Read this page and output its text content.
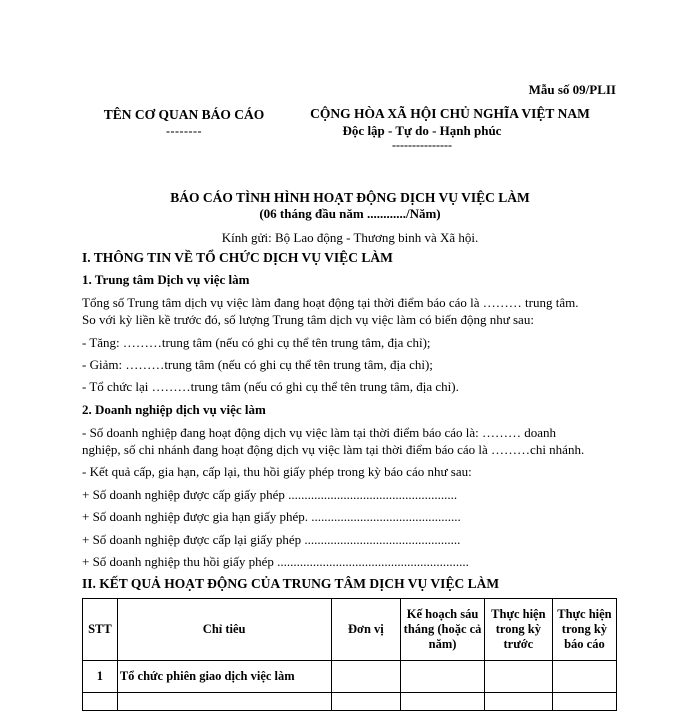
Mẫu số 09/PLII
TÊN CƠ QUAN BÁO CÁO
--------
CỘNG HÒA XÃ HỘI CHỦ NGHĨA VIỆT NAM
Độc lập - Tự do - Hạnh phúc
---------------
BÁO CÁO TÌNH HÌNH HOẠT ĐỘNG DỊCH VỤ VIỆC LÀM
(06 tháng đầu năm ............/Năm)
Kính gửi: Bộ Lao động - Thương binh và Xã hội.
I. THÔNG TIN VỀ TỔ CHỨC DỊCH VỤ VIỆC LÀM
1. Trung tâm Dịch vụ việc làm
Tổng số Trung tâm dịch vụ việc làm đang hoạt động tại thời điểm báo cáo là ……… trung tâm.
So với kỳ liền kề trước đó, số lượng Trung tâm dịch vụ việc làm có biến động như sau:
- Tăng: ………trung tâm (nếu có ghi cụ thể tên trung tâm, địa chỉ);
- Giảm: ………trung tâm (nếu có ghi cụ thể tên trung tâm, địa chỉ);
- Tổ chức lại ………trung tâm (nếu có ghi cụ thể tên trung tâm, địa chỉ).
2. Doanh nghiệp dịch vụ việc làm
- Số doanh nghiệp đang hoạt động dịch vụ việc làm tại thời điểm báo cáo là: ……… doanh
nghiệp, số chi nhánh đang hoạt động dịch vụ việc làm tại thời điểm báo cáo là ………chi nhánh.
- Kết quả cấp, gia hạn, cấp lại, thu hồi giấy phép trong kỳ báo cáo như sau:
+ Số doanh nghiệp được cấp giấy phép ....................................................
+ Số doanh nghiệp được gia hạn giấy phép. ..............................................
+ Số doanh nghiệp được cấp lại giấy phép ................................................
+ Số doanh nghiệp thu hồi giấy phép ...........................................................
II. KẾT QUẢ HOẠT ĐỘNG CỦA TRUNG TÂM DỊCH VỤ VIỆC LÀM
STT	Chỉ tiêu	Đơn vị	Kế hoạch sáu tháng (hoặc cả năm)	Thực hiện trong kỳ trước	Thực hiện trong kỳ báo cáo
1	Tổ chức phiên giao dịch việc làm				
